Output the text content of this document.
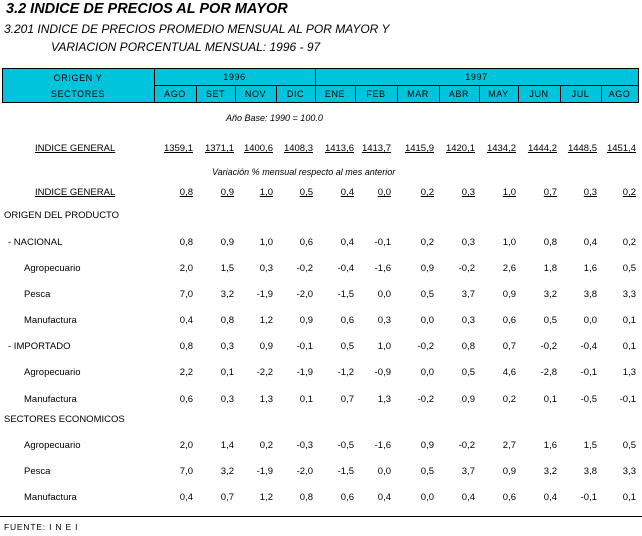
3.2 INDICE DE PRECIOS AL POR MAYOR
3.201 INDICE DE PRECIOS PROMEDIO MENSUAL AL POR MAYOR Y
VARIACION PORCENTUAL MENSUAL: 1996 - 97
ORIGEN Y
SECTORES
1996	1997
AGO	SET	NOV	DIC	ENE	FEB	MAR	ABR	MAY	JUN	JUL	AGO
Año Base: 1990 = 100.0
INDICE GENERAL	1359,1	1371,1	1400,6	1408,3	1413,6 1413,7	1415,9	1420,1	1434,2	1444,2	1448,5	1451,4
Variación % mensual respecto al mes anterior
INDICE GENERAL	0,8	0,9	1,0	0,5	0,4	0,0	0,2	0,3	1,0	0,7	0,3	0,2
ORIGEN DEL PRODUCTO
- NACIONAL	0,8	0,9	1,0	0,6	0,4	-0,1	0,2	0,3	1,0	0,8	0,4	0,2
Agropecuario	2,0	1,5	0,3	-0,2	-0,4	-1,6	0,9	-0,2	2,6	1,8	1,6	0,5
Pesca	7,0	3,2	-1,9	-2,0	-1,5	0,0	0,5	3,7	0,9	3,2	3,8	3,3
Manufactura	0,4	0,8	1,2	0,9	0,6	0,3	0,0	0,3	0,6	0,5	0,0	0,1
- IMPORTADO	0,8	0,3	0,9	-0,1	0,5	1,0	-0,2	0,8	0,7	-0,2	-0,4	0,1
Agropecuario	2,2	0,1	-2,2	-1,9	-1,2	-0,9	0,0	0,5	4,6	-2,8	-0,1	1,3
Manufactura	0,6	0,3	1,3	0,1	0,7	1,3	-0,2	0,9	0,2	0,1	-0,5	-0,1
SECTORES ECONOMICOS
Agropecuario	2,0	1,4	0,2	-0,3	-0,5	-1,6	0,9	-0,2	2,7	1,6	1,5	0,5
Pesca	7,0	3,2	-1,9	-2,0	-1,5	0,0	0,5	3,7	0,9	3,2	3,8	3,3
Manufactura	0,4	0,7	1,2	0,8	0,6	0,4	0,0	0,4	0,6	0,4	-0,1	0,1
FUENTE: I N E I
